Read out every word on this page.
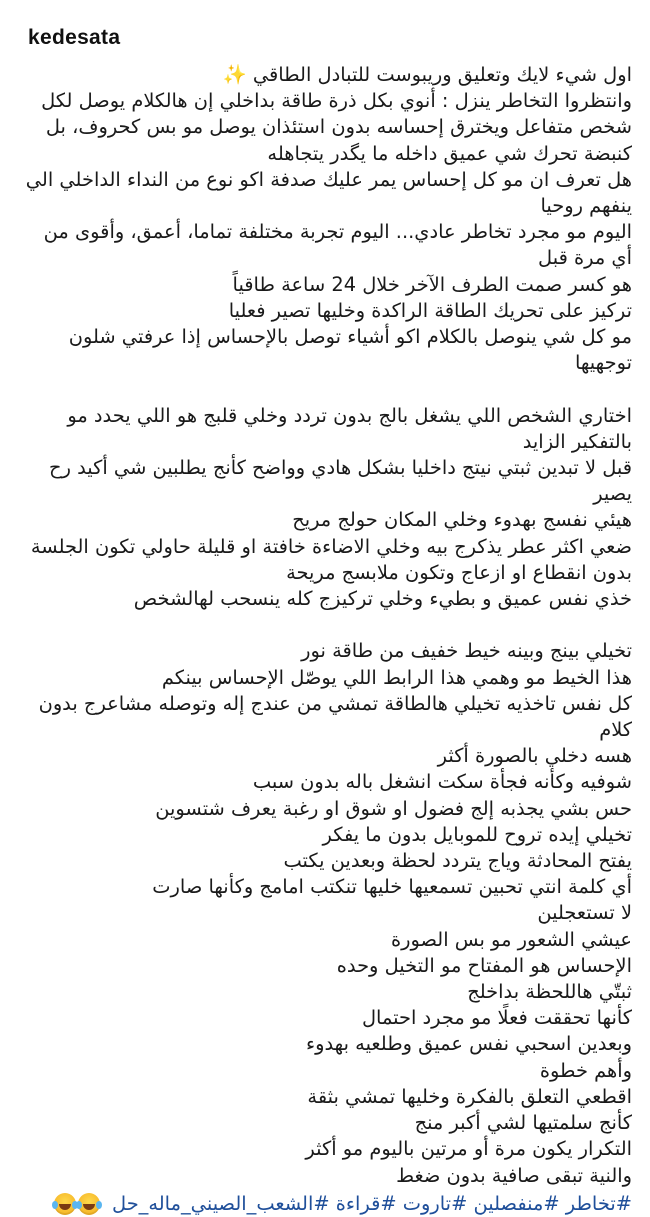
kedesata
اول شيء لايك وتعليق وريبوست للتبادل الطاقي ✨
وانتظروا التخاطر ينزل : أنوي بكل ذرة طاقة بداخلي إن هالكلام يوصل لكل شخص متفاعل ويخترق إحساسه بدون استئذان يوصل مو بس كحروف، بل كنبضة تحرك شي عميق داخله ما يگدر يتجاهله
هل تعرف ان مو كل إحساس يمر عليك صدفة اكو نوع من النداء الداخلي الي ينفهم روحيا
اليوم مو مجرد تخاطر عادي... اليوم تجربة مختلفة تماما، أعمق، وأقوى من أي مرة قبل
هو كسر صمت الطرف الآخر خلال 24 ساعة طاقياً
تركيز على تحريك الطاقة الراكدة وخليها تصير فعليا
مو كل شي ينوصل بالكلام اكو أشياء توصل بالإحساس إذا عرفتي شلون توجهيها
اختاري الشخص اللي يشغل بالج بدون تردد وخلي قلبج هو اللي يحدد مو بالتفكير الزايد
قبل لا تبدين ثبتي نيتج داخليا بشكل هادي وواضح كأنج يطلبين شي أكيد رح يصير
هيئي نفسج بهدوء وخلي المكان حولج مريح
ضعي اكثر عطر يذكرج بيه وخلي الاضاءة خافتة او قليلة حاولي تكون الجلسة بدون انقطاع او ازعاج وتكون ملابسج مريحة
خذي نفس عميق و بطيء وخلي تركيزج كله ينسحب لهالشخص
تخيلي بينج وبينه خيط خفيف من طاقة نور
هذا الخيط مو وهمي هذا الرابط اللي يوصّل الإحساس بينكم
كل نفس تاخذيه تخيلي هالطاقة تمشي من عندج إله وتوصله مشاعرج بدون كلام
هسه دخلي بالصورة أكثر
شوفيه وكأنه فجأة سكت انشغل باله بدون سبب
حس بشي يجذبه إلج فضول او شوق او رغبة يعرف شتسوين
تخيلي إيده تروح للموبايل بدون ما يفكر
يفتح المحادثة وياج يتردد لحظة وبعدين يكتب
أي كلمة انتي تحبين تسمعيها خليها تنكتب امامج وكأنها صارت
لا تستعجلين
عيشي الشعور مو بس الصورة
الإحساس هو المفتاح مو التخيل وحده
ثبتّي هاللحظة بداخلج
كأنها تحققت فعلًا مو مجرد احتمال
وبعدين اسحبي نفس عميق وطلعيه بهدوء
وأهم خطوة
اقطعي التعلق بالفكرة وخليها تمشي بثقة
كأنج سلمتيها لشي أكبر منج
التكرار يكون مرة أو مرتين باليوم مو أكثر
والنية تبقى صافية بدون ضغط
#تخاطر #منفصلين #تاروت #قراءة #الشعب_الصيني_ماله_حل
